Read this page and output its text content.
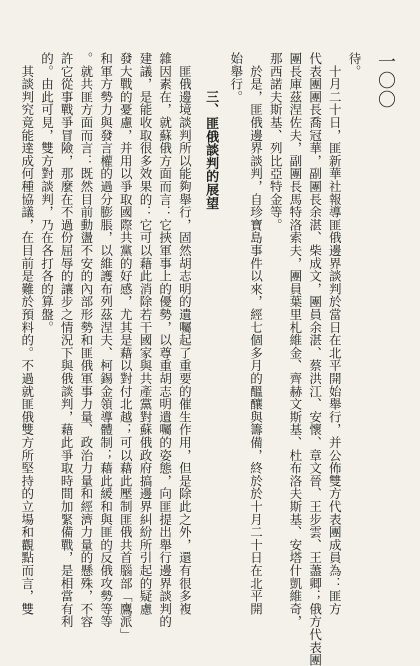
一〇〇
待。
　十月二十日，匪新華社報導匪俄邊界談判於當日在北平開始舉行，并公佈雙方代表團成員為：匪方
代表團團長喬冠華，副團長余湛、柴成文，團員余湛、蔡洪江、安懷、章文晉、王步雲、王藎卿；俄方代表團
團長庫茲涅佐夫，副團長馬特洛索夫，團員葉里札維金、齊赫文斯基、杜布洛夫斯基、安塔什凱維奇，
那西諾夫斯基、列比亞特金等。
　於是，匪俄邊界談判，自珍寶島事件以來，經七個多月的醞釀與籌備，終於於十月二十日在北平開
始舉行。
三、匪俄談判的展望
　匪俄邊境談判所以能夠舉行，固然胡志明的遺囑起了重要的催生作用，但是除此之外，還有很多複
雜因素在，就蘇俄方面而言：它挾軍事上的優勢，以尊重胡志明遺囑的姿態，向匪提出舉行邊界談判的
建議，是能收取很多效果的：它可以藉此消除若干國家與共產黨對蘇俄政府搞邊界糾紛所引起的疑慮
發大戰的憂慮，并用以爭取國際共黨的好感，尤其是藉以對付北越；可以藉此壓制匪俄共首腦部「鷹派」
和軍方勢力與發言權的過分膨脹，以維護布列茲涅夫、柯錫金領導體制；藉此緩和與匪的反俄攻勢等等
。就共匪方面而言：既然目前動盪不安的內部形勢和匪俄軍事力量、政治力量和經濟力量的懸殊，不容
許它從事戰爭冒險，那麼在不過份屈辱的讓步之情況下與俄談判，藉此爭取時間加緊備戰，是相當有利
的。由此可見，雙方對談判，乃在各打各的算盤。
　其談判究竟能達成何種協議，在目前是難於預料的。不過就匪俄雙方所堅持的立場和觀點而言，雙
